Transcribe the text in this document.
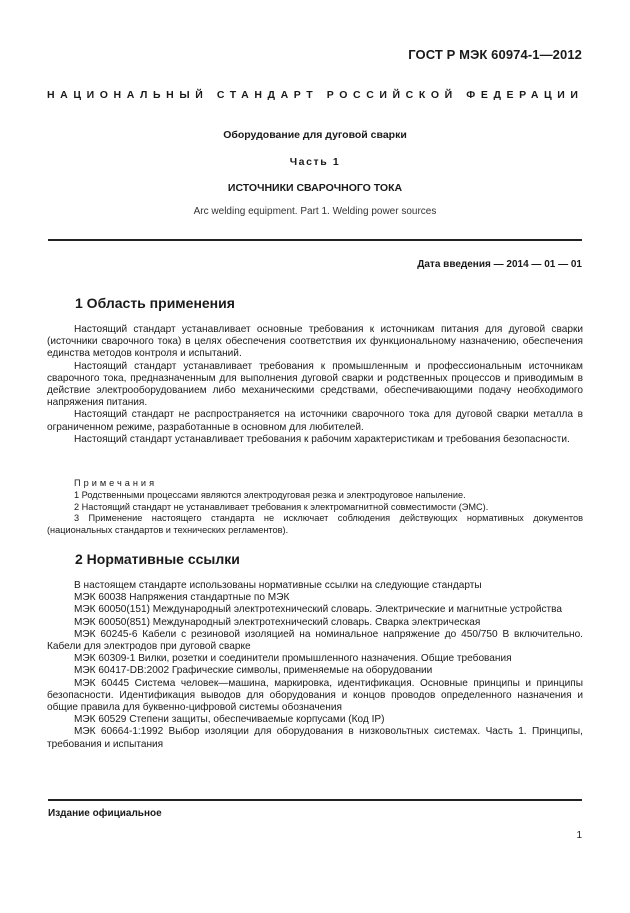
ГОСТ Р МЭК 60974-1—2012
НАЦИОНАЛЬНЫЙ СТАНДАРТ РОССИЙСКОЙ ФЕДЕРАЦИИ
Оборудование для дуговой сварки
Часть 1
ИСТОЧНИКИ СВАРОЧНОГО ТОКА
Arc welding equipment. Part 1. Welding power sources
Дата введения — 2014 — 01 — 01
1 Область применения

Настоящий стандарт устанавливает основные требования к источникам питания для дуговой сварки (источники сварочного тока) в целях обеспечения соответствия их функциональному назначению, обеспечения единства методов контроля и испытаний.

Настоящий стандарт устанавливает требования к промышленным и профессиональным источникам сварочного тока, предназначенным для выполнения дуговой сварки и родственных процессов и приводимым в действие электрооборудованием либо механическими средствами, обеспечивающими подачу необходимого напряжения питания.

Настоящий стандарт не распространяется на источники сварочного тока для дуговой сварки металла в ограниченном режиме, разработанные в основном для любителей.

Настоящий стандарт устанавливает требования к рабочим характеристикам и требования безопасности.

Примечания

1 Родственными процессами являются электродуговая резка и электродуговое напыление.

2 Настоящий стандарт не устанавливает требования к электромагнитной совместимости (ЭМС).

3 Применение настоящего стандарта не исключает соблюдения действующих нормативных документов (национальных стандартов и технических регламентов).

2 Нормативные ссылки

В настоящем стандарте использованы нормативные ссылки на следующие стандарты

МЭК 60038 Напряжения стандартные по МЭК

МЭК 60050(151) Международный электротехнический словарь. Электрические и магнитные устройства

МЭК 60050(851) Международный электротехнический словарь. Сварка электрическая

МЭК 60245-6 Кабели с резиновой изоляцией на номинальное напряжение до 450/750 В включительно. Кабели для электродов при дуговой сварке

МЭК 60309-1 Вилки, розетки и соединители промышленного назначения. Общие требования

МЭК 60417-DB:2002 Графические символы, применяемые на оборудовании

МЭК 60445 Система человек—машина, маркировка, идентификация. Основные принципы и принципы безопасности. Идентификация выводов для оборудования и концов проводов определенного назначения и общие правила для буквенно-цифровой системы обозначения

МЭК 60529 Степени защиты, обеспечиваемые корпусами (Код IP)

МЭК 60664-1:1992 Выбор изоляции для оборудования в низковольтных системах. Часть 1. Принципы, требования и испытания

Издание официальное
1
